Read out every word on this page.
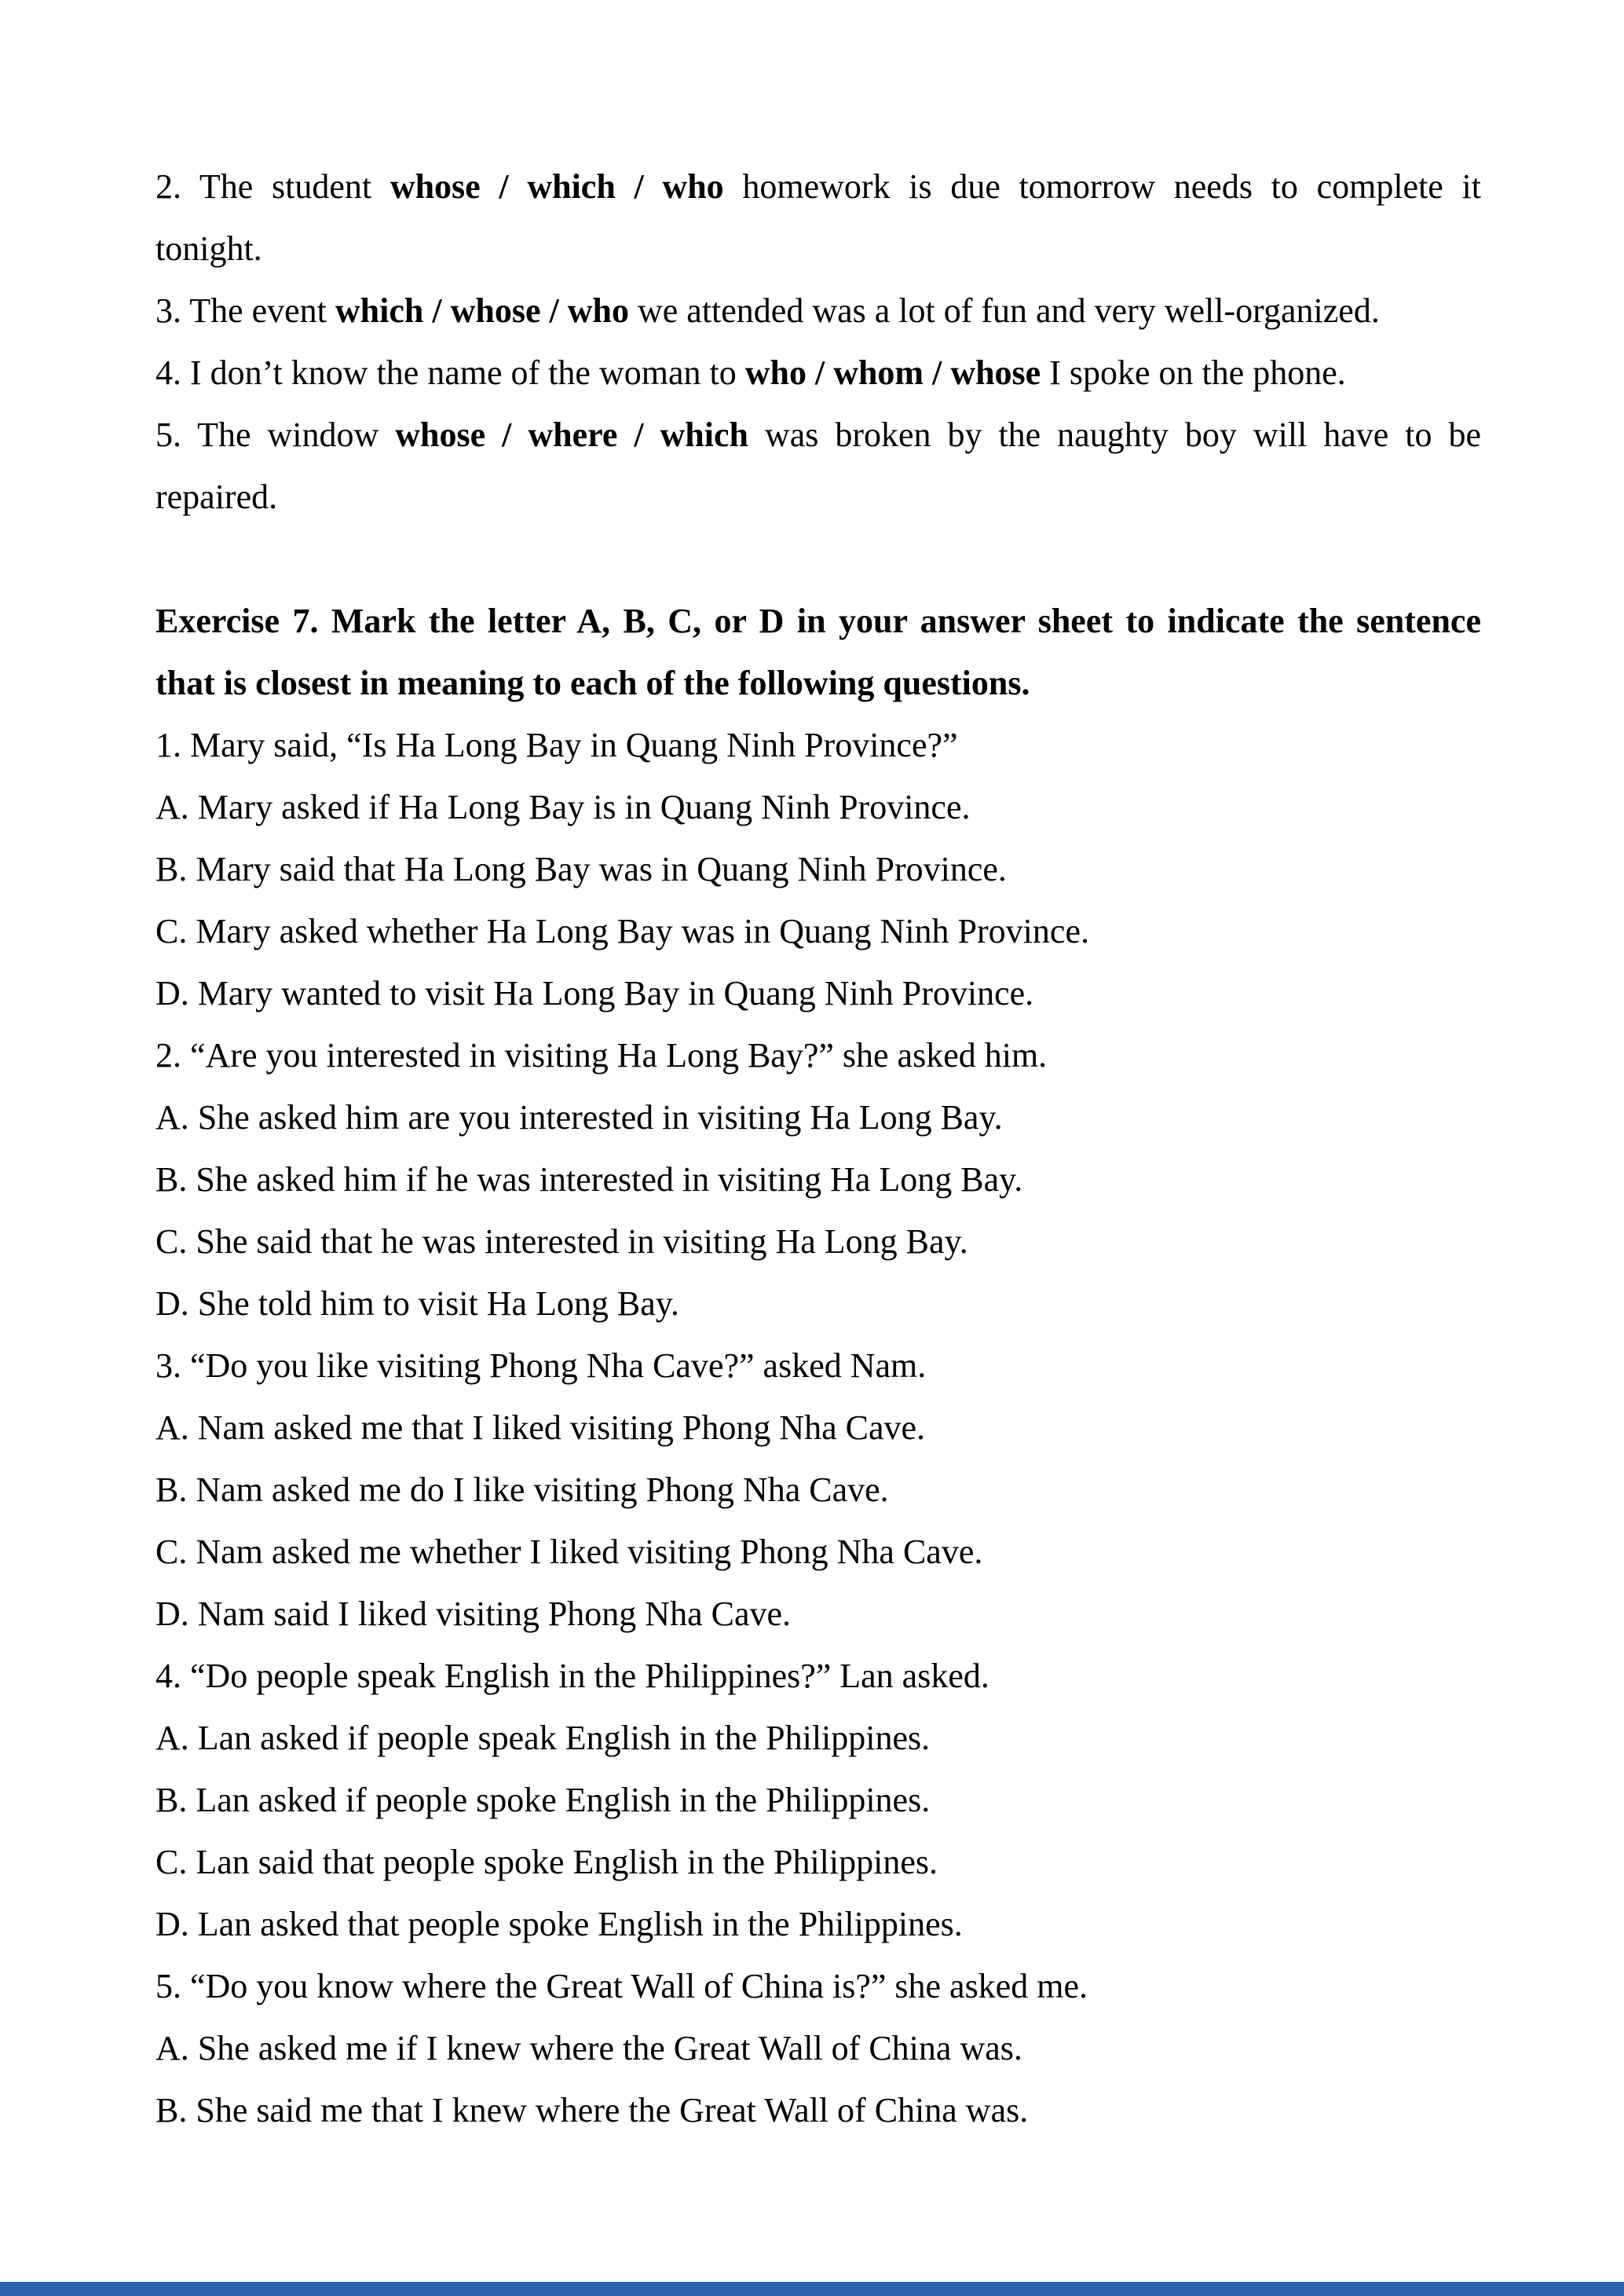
2. The student whose / which / who homework is due tomorrow needs to complete it

tonight.

3. The event which / whose / who we attended was a lot of fun and very well-organized.

4. I don’t know the name of the woman to who / whom / whose I spoke on the phone.

5. The window whose / where / which was broken by the naughty boy will have to be

repaired.

Exercise 7. Mark the letter A, B, C, or D in your answer sheet to indicate the sentence

that is closest in meaning to each of the following questions.

1. Mary said, “Is Ha Long Bay in Quang Ninh Province?”

A. Mary asked if Ha Long Bay is in Quang Ninh Province.

B. Mary said that Ha Long Bay was in Quang Ninh Province.

C. Mary asked whether Ha Long Bay was in Quang Ninh Province.

D. Mary wanted to visit Ha Long Bay in Quang Ninh Province.

2. “Are you interested in visiting Ha Long Bay?” she asked him.

A. She asked him are you interested in visiting Ha Long Bay.

B. She asked him if he was interested in visiting Ha Long Bay.

C. She said that he was interested in visiting Ha Long Bay.

D. She told him to visit Ha Long Bay.

3. “Do you like visiting Phong Nha Cave?” asked Nam.

A. Nam asked me that I liked visiting Phong Nha Cave.

B. Nam asked me do I like visiting Phong Nha Cave.

C. Nam asked me whether I liked visiting Phong Nha Cave.

D. Nam said I liked visiting Phong Nha Cave.

4. “Do people speak English in the Philippines?” Lan asked.

A. Lan asked if people speak English in the Philippines.

B. Lan asked if people spoke English in the Philippines.

C. Lan said that people spoke English in the Philippines.

D. Lan asked that people spoke English in the Philippines.

5. “Do you know where the Great Wall of China is?” she asked me.

A. She asked me if I knew where the Great Wall of China was.

B. She said me that I knew where the Great Wall of China was.
